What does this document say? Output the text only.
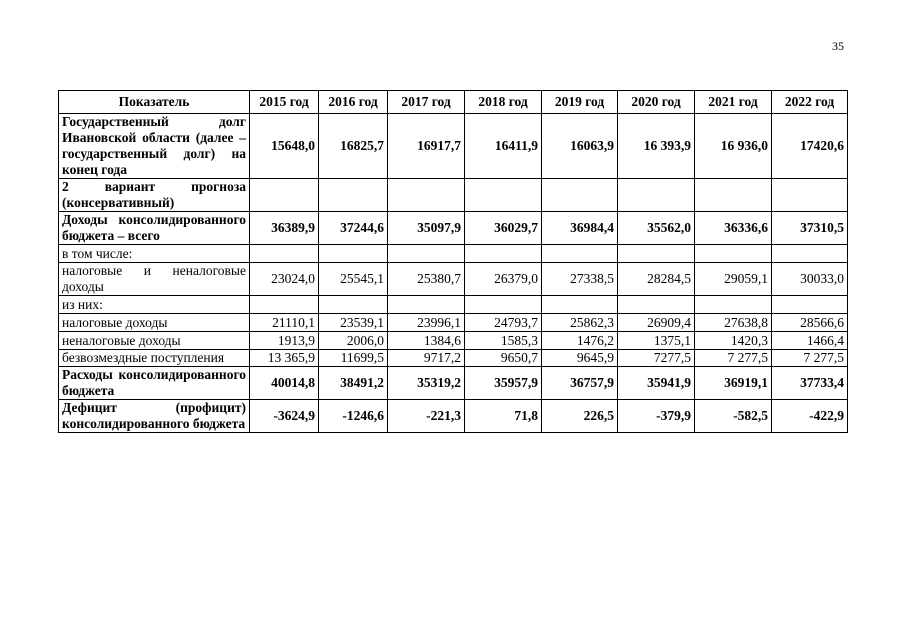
35
Показатель	2015 год	2016 год	2017 год	2018 год	2019 год	2020 год	2021 год	2022 год
Государственный долг Ивановской области (далее – государственный долг) на конец года	15648,0	16825,7	16917,7	16411,9	16063,9	16 393,9	16 936,0	17420,6
2 вариант прогноза (консервативный)								
Доходы консолидированного бюджета – всего	36389,9	37244,6	35097,9	36029,7	36984,4	35562,0	36336,6	37310,5
в том числе:								
налоговые и неналоговые доходы	23024,0	25545,1	25380,7	26379,0	27338,5	28284,5	29059,1	30033,0
из них:								
налоговые доходы	21110,1	23539,1	23996,1	24793,7	25862,3	26909,4	27638,8	28566,6
неналоговые доходы	1913,9	2006,0	1384,6	1585,3	1476,2	1375,1	1420,3	1466,4
безвозмездные поступления	13 365,9	11699,5	9717,2	9650,7	9645,9	7277,5	7 277,5	7 277,5
Расходы консолидированного бюджета	40014,8	38491,2	35319,2	35957,9	36757,9	35941,9	36919,1	37733,4
Дефицит (профицит) консолидированного бюджета	-3624,9	-1246,6	-221,3	71,8	226,5	-379,9	-582,5	-422,9
